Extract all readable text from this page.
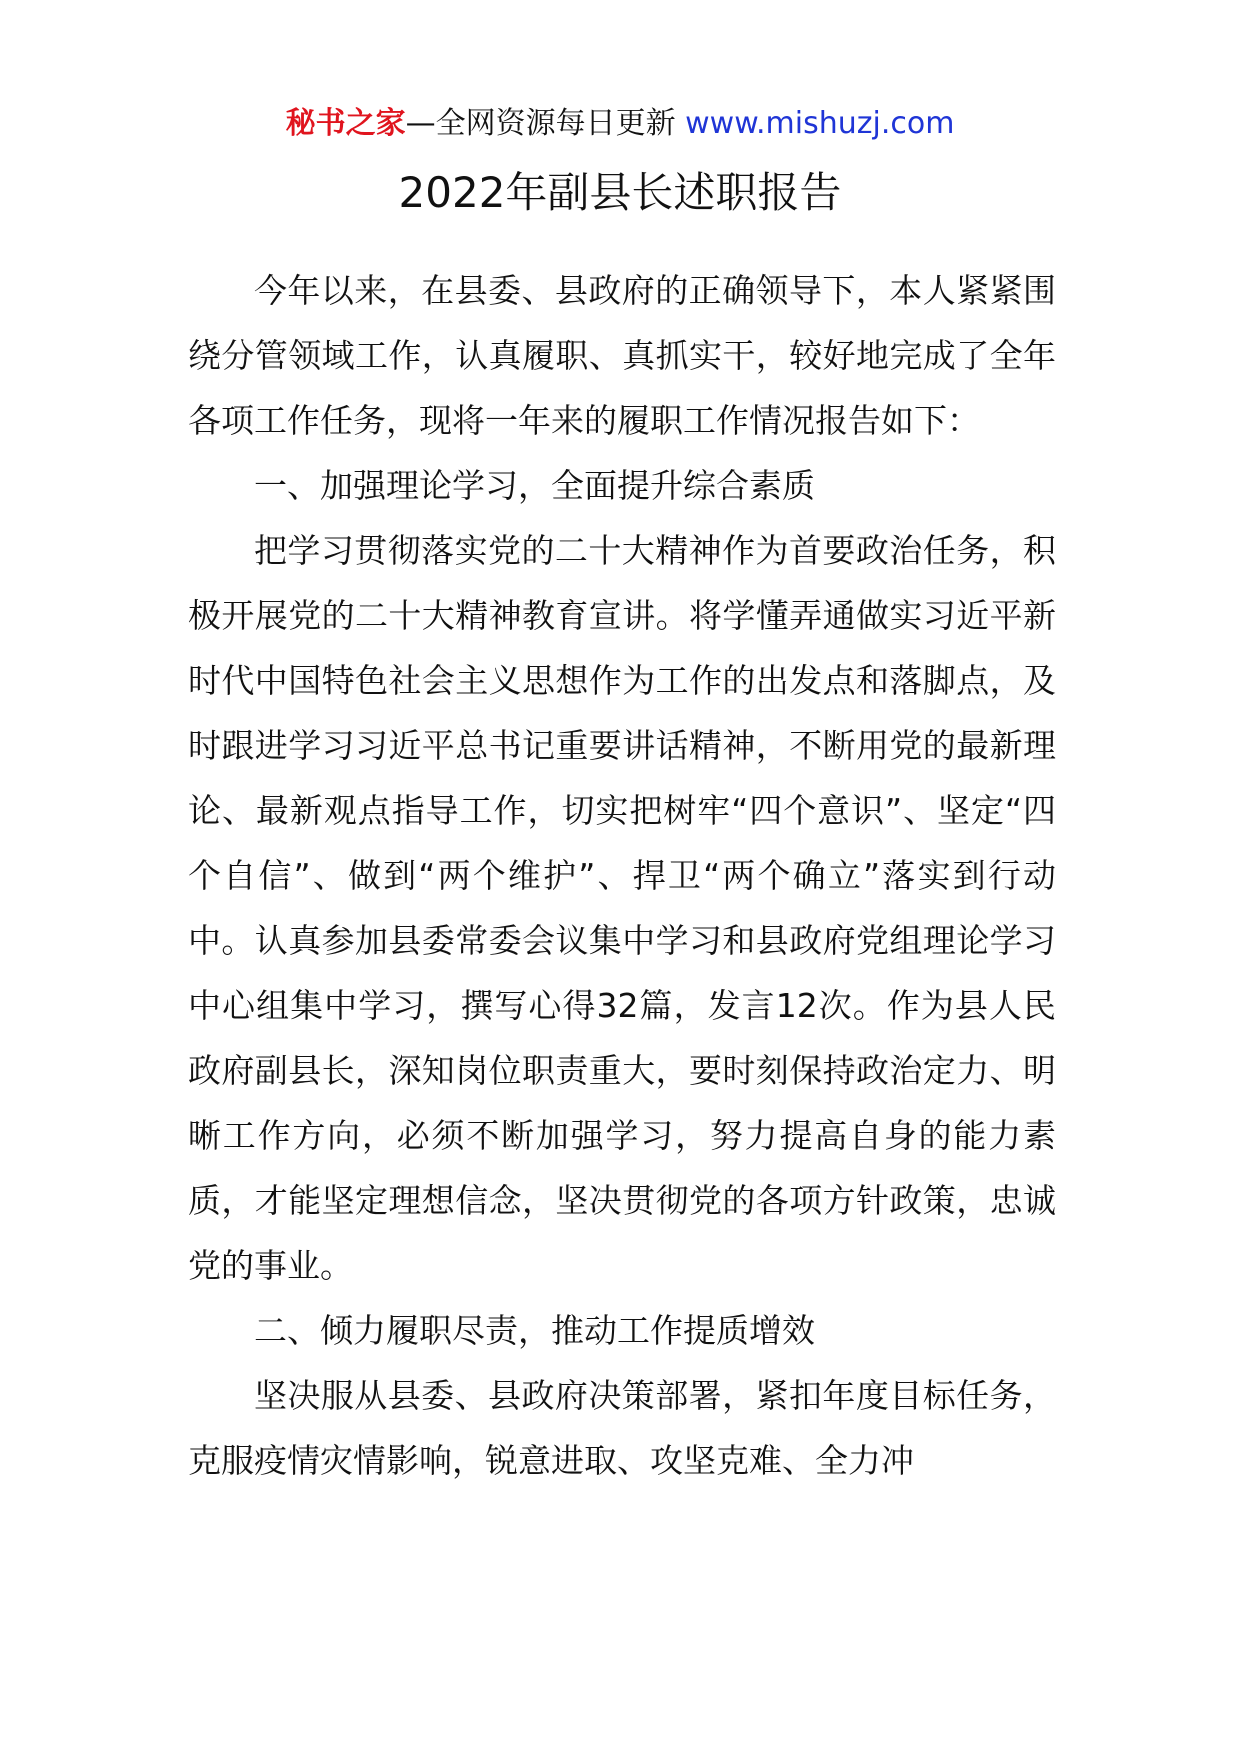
秘书之家—全网资源每日更新 www.mishuzj.com
2022年副县长述职报告

今年以来，在县委、县政府的正确领导下，本人紧紧围绕分管领域工作，认真履职、真抓实干，较好地完成了全年各项工作任务，现将一年来的履职工作情况报告如下：

一、加强理论学习，全面提升综合素质

把学习贯彻落实党的二十大精神作为首要政治任务，积极开展党的二十大精神教育宣讲。将学懂弄通做实习近平新时代中国特色社会主义思想作为工作的出发点和落脚点，及时跟进学习习近平总书记重要讲话精神，不断用党的最新理论、最新观点指导工作，切实把树牢“四个意识”、坚定“四个自信”、做到“两个维护”、捍卫“两个确立”落实到行动中。认真参加县委常委会议集中学习和县政府党组理论学习中心组集中学习，撰写心得32篇，发言12次。作为县人民政府副县长，深知岗位职责重大，要时刻保持政治定力、明晰工作方向，必须不断加强学习，努力提高自身的能力素质，才能坚定理想信念，坚决贯彻党的各项方针政策，忠诚党的事业。

二、倾力履职尽责，推动工作提质增效

坚决服从县委、县政府决策部署，紧扣年度目标任务，克服疫情灾情影响，锐意进取、攻坚克难、全力冲
